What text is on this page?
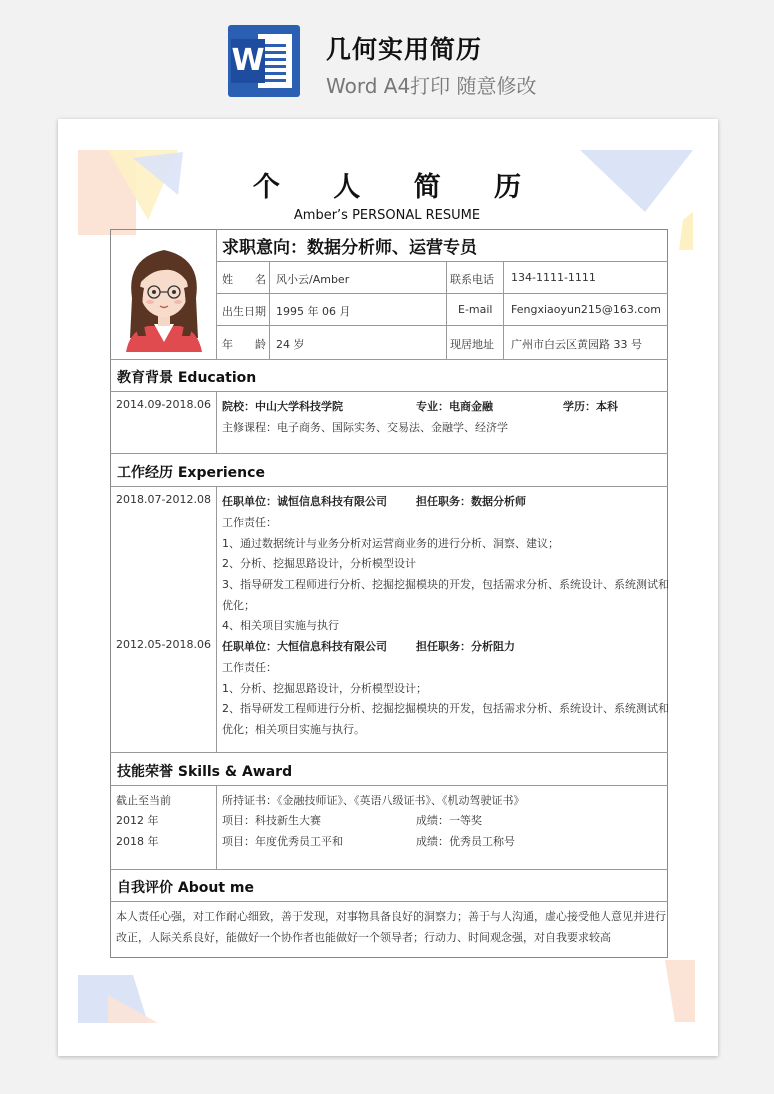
W 几何实用简历
Word A4打印 随意修改
个 人 简 历
Amber’s PERSONAL RESUME
求职意向：数据分析师、运营专员
姓　　名 风小云/Amber	联系电话 134-1111-1111
出生日期 1995 年 06 月	E-mail Fengxiaoyun215@163.com
年　　龄 24 岁	现居地址 广州市白云区黄园路 33 号
教育背景 Education
2014.09-2018.06 院校：中山大学科技学院	专业：电商金融	学历：本科
主修课程：电子商务、国际实务、交易法、金融学、经济学
工作经历 Experience
2018.07-2012.08 任职单位：诚恒信息科技有限公司	担任职务：数据分析师
工作责任：
1、通过数据统计与业务分析对运营商业务的进行分析、洞察、建议；
2、分析、挖掘思路设计，分析模型设计
3、指导研发工程师进行分析、挖掘挖掘模块的开发，包括需求分析、系统设计、系统测试和
优化；
4、相关项目实施与执行
2012.05-2018.06 任职单位：大恒信息科技有限公司	担任职务：分析阻力
工作责任：
1、分析、挖掘思路设计，分析模型设计；
2、指导研发工程师进行分析、挖掘挖掘模块的开发，包括需求分析、系统设计、系统测试和
优化；相关项目实施与执行。
技能荣誉 Skills & Award
截止至当前	所持证书：《金融技师证》、《英语八级证书》、《机动驾驶证书》
2012 年	项目：科技新生大赛	成绩：一等奖
2018 年	项目：年度优秀员工平和	成绩：优秀员工称号
自我评价 About me
本人责任心强，对工作耐心细致，善于发现，对事物具备良好的洞察力；善于与人沟通，虚心接受他人意见并进行
改正，人际关系良好，能做好一个协作者也能做好一个领导者；行动力、时间观念强，对自我要求较高
